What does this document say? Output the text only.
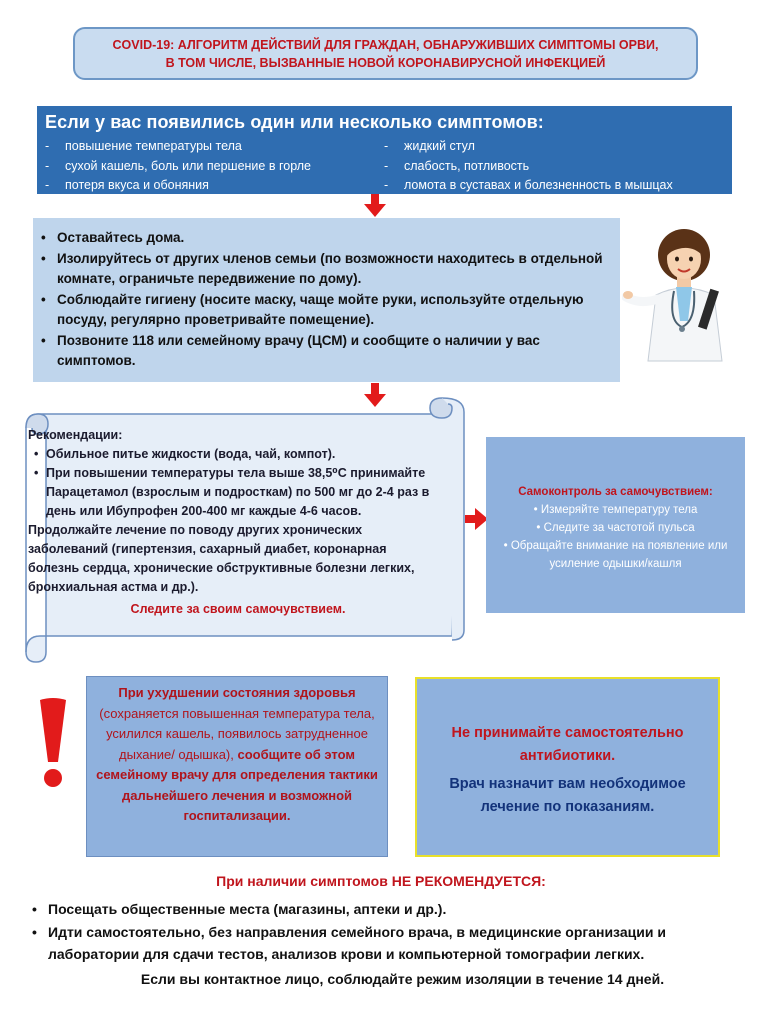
COVID-19: АЛГОРИТМ ДЕЙСТВИЙ ДЛЯ ГРАЖДАН, ОБНАРУЖИВШИХ СИМПТОМЫ ОРВИ,
В ТОМ ЧИСЛЕ, ВЫЗВАННЫЕ НОВОЙ КОРОНАВИРУСНОЙ ИНФЕКЦИЕЙ
Если у вас появились один или несколько симптомов:
- повышение температуры тела
- сухой кашель, боль или першение в горле
- потеря вкуса и обоняния
- жидкий стул
- слабость, потливость
- ломота в суставах и болезненность в мышцах
• Оставайтесь дома.
• Изолируйтесь от других членов семьи (по возможности находитесь в отдельной комнате, ограничьте передвижение по дому).
• Соблюдайте гигиену (носите маску, чаще мойте руки, используйте отдельную посуду, регулярно проветривайте помещение).
• Позвоните 118 или семейному врачу (ЦСМ) и сообщите о наличии у вас симптомов.
Рекомендации:
• Обильное питье жидкости (вода, чай, компот).
• При повышении температуры тела выше 38,5⁰С принимайте Парацетамол (взрослым и подросткам) по 500 мг до 2-4 раз в день или Ибупрофен 200-400 мг каждые 4-6 часов.
Продолжайте лечение по поводу других хронических заболеваний (гипертензия, сахарный диабет, коронарная болезнь сердца, хронические обструктивные болезни легких, бронхиальная астма и др.).
Следите за своим самочувствием.
Самоконтроль за самочувствием:
• Измеряйте температуру тела
• Следите за частотой пульса
• Обращайте внимание на появление или усиление одышки/кашля
При ухудшении состояния здоровья (сохраняется повышенная температура тела, усилился кашель, появилось затрудненное дыхание/ одышка), сообщите об этом семейному врачу для определения тактики дальнейшего лечения и возможной госпитализации.
Не принимайте самостоятельно антибиотики.
Врач назначит вам необходимое лечение по показаниям.
При наличии симптомов НЕ РЕКОМЕНДУЕТСЯ:
• Посещать общественные места (магазины, аптеки и др.).
• Идти самостоятельно, без направления семейного врача, в медицинские организации и лаборатории для сдачи тестов, анализов крови и компьютерной томографии легких.
Если вы контактное лицо, соблюдайте режим изоляции в течение 14 дней.
